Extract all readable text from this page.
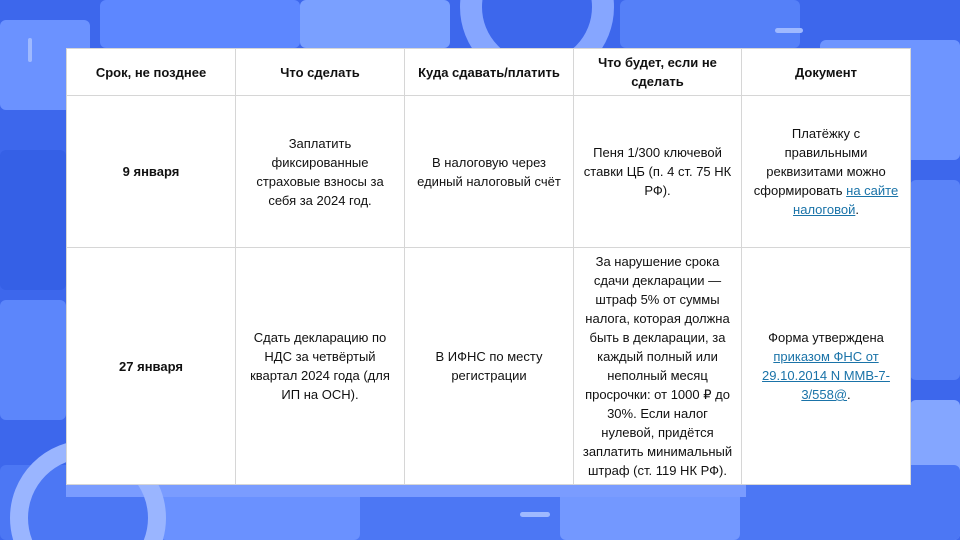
Срок, не позднее	Что сделать	Куда сдавать/платить	Что будет, если не сделать	Документ
9 января	Заплатить фиксированные страховые взносы за себя за 2024 год.	В налоговую через единый налоговый счёт	Пеня 1/300 ключевой ставки ЦБ (п. 4 ст. 75 НК РФ).	Платёжку с правильными реквизитами можно сформировать на сайте налоговой.
27 января	Сдать декларацию по НДС за четвёртый квартал 2024 года (для ИП на ОСН).	В ИФНС по месту регистрации	За нарушение срока сдачи декларации — штраф 5% от суммы налога, которая должна быть в декларации, за каждый полный или неполный месяц просрочки: от 1000 ₽ до 30%. Если налог нулевой, придётся заплатить минимальный штраф (ст. 119 НК РФ).	Форма утверждена приказом ФНС от 29.10.2014 N ММВ-7-3/558@.
